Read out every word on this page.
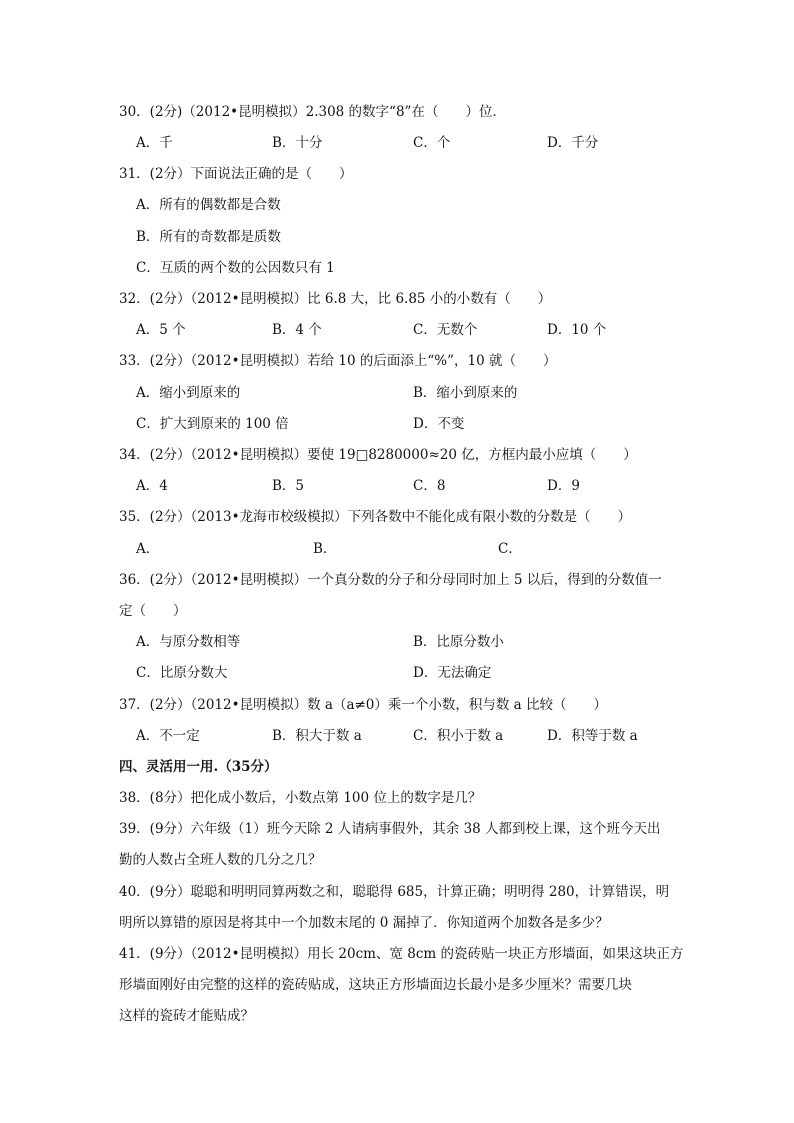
30．(2分)（2012•昆明模拟）2.308 的数字“8”在（　　）位．
A．千	B．十分	C．个	D．千分
31．(2分）下面说法正确的是（　　）
A．所有的偶数都是合数
B．所有的奇数都是质数
C．互质的两个数的公因数只有 1
32．(2分）（2012•昆明模拟）比 6.8 大，比 6.85 小的小数有（　　）
A．5 个	B．4 个	C．无数个	D．10 个
33．(2分）（2012•昆明模拟）若给 10 的后面添上“%”，10 就（　　）
A．缩小到原来的	B．缩小到原来的
C．扩大到原来的 100 倍	D．不变
34．(2分）（2012•昆明模拟）要使 19□8280000≈20 亿，方框内最小应填（　　）
A．4	B．5	C．8	D．9
35．(2分）（2013•龙海市校级模拟）下列各数中不能化成有限小数的分数是（　　）
A．	B．	C．
36．(2分）（2012•昆明模拟）一个真分数的分子和分母同时加上 5 以后，得到的分数值一
定（　　）
A．与原分数相等	B．比原分数小
C．比原分数大	D．无法确定
37．(2分）（2012•昆明模拟）数 a（a≠0）乘一个小数，积与数 a 比较（　　）
A．不一定	B．积大于数 a	C．积小于数 a	D．积等于数 a
四、灵活用一用.（35分）
38．(8分）把化成小数后，小数点第 100 位上的数字是几？
39．(9分）六年级（1）班今天除 2 人请病事假外，其余 38 人都到校上课，这个班今天出
勤的人数占全班人数的几分之几？
40．(9分）聪聪和明明同算两数之和，聪聪得 685，计算正确；明明得 280，计算错误，明
明所以算错的原因是将其中一个加数末尾的 0 漏掉了．你知道两个加数各是多少？
41．(9分）（2012•昆明模拟）用长 20cm、宽 8cm 的瓷砖贴一块正方形墙面，如果这块正方
形墙面刚好由完整的这样的瓷砖贴成，这块正方形墙面边长最小是多少厘米？需要几块
这样的瓷砖才能贴成？
